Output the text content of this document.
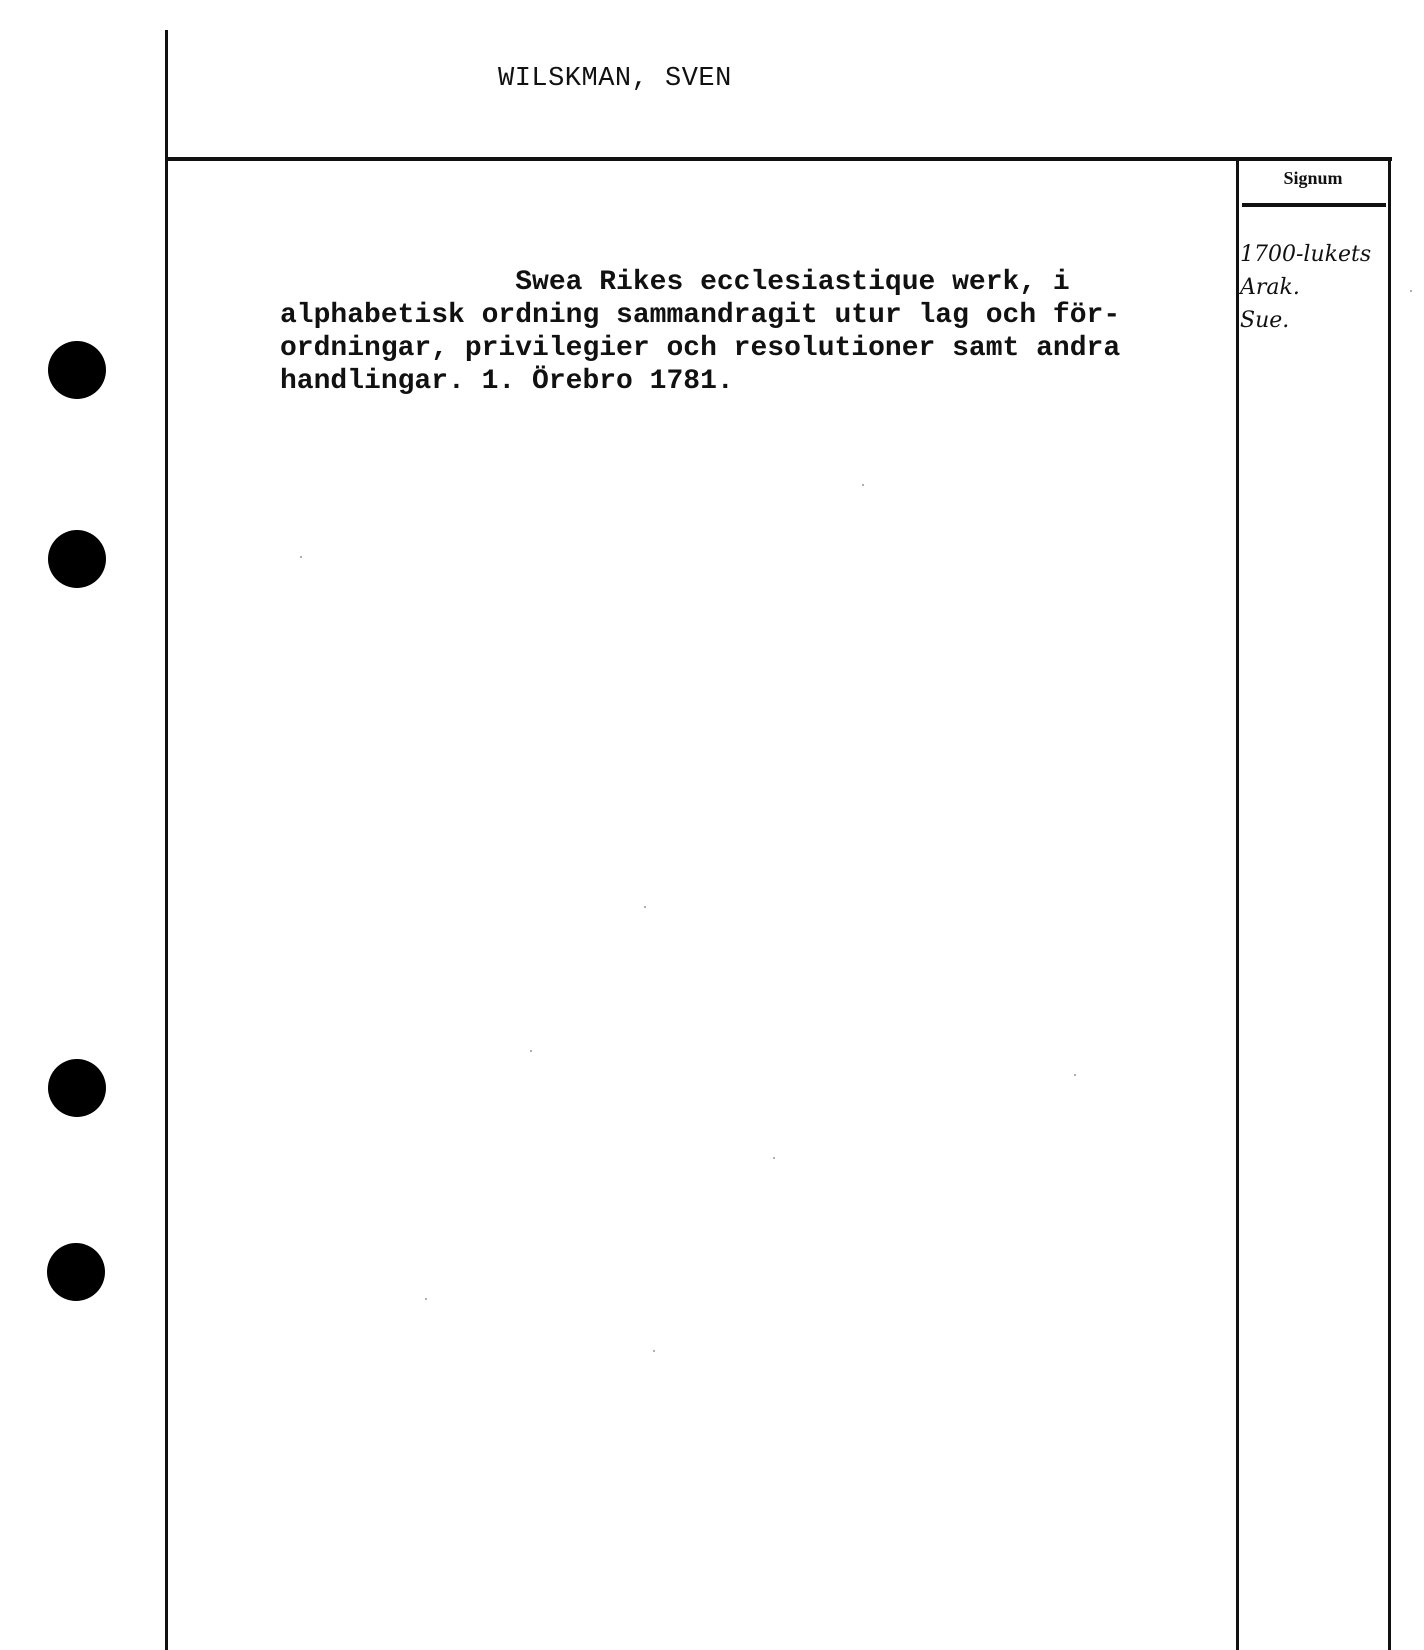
WILSKMAN, SVEN
Signum
Swea Rikes ecclesiastique werk, i
alphabetisk ordning sammandragit utur lag och för-
ordningar, privilegier och resolutioner samt andra
handlingar. 1. Örebro 1781.
1700-lukets
Arak.
Sue.
